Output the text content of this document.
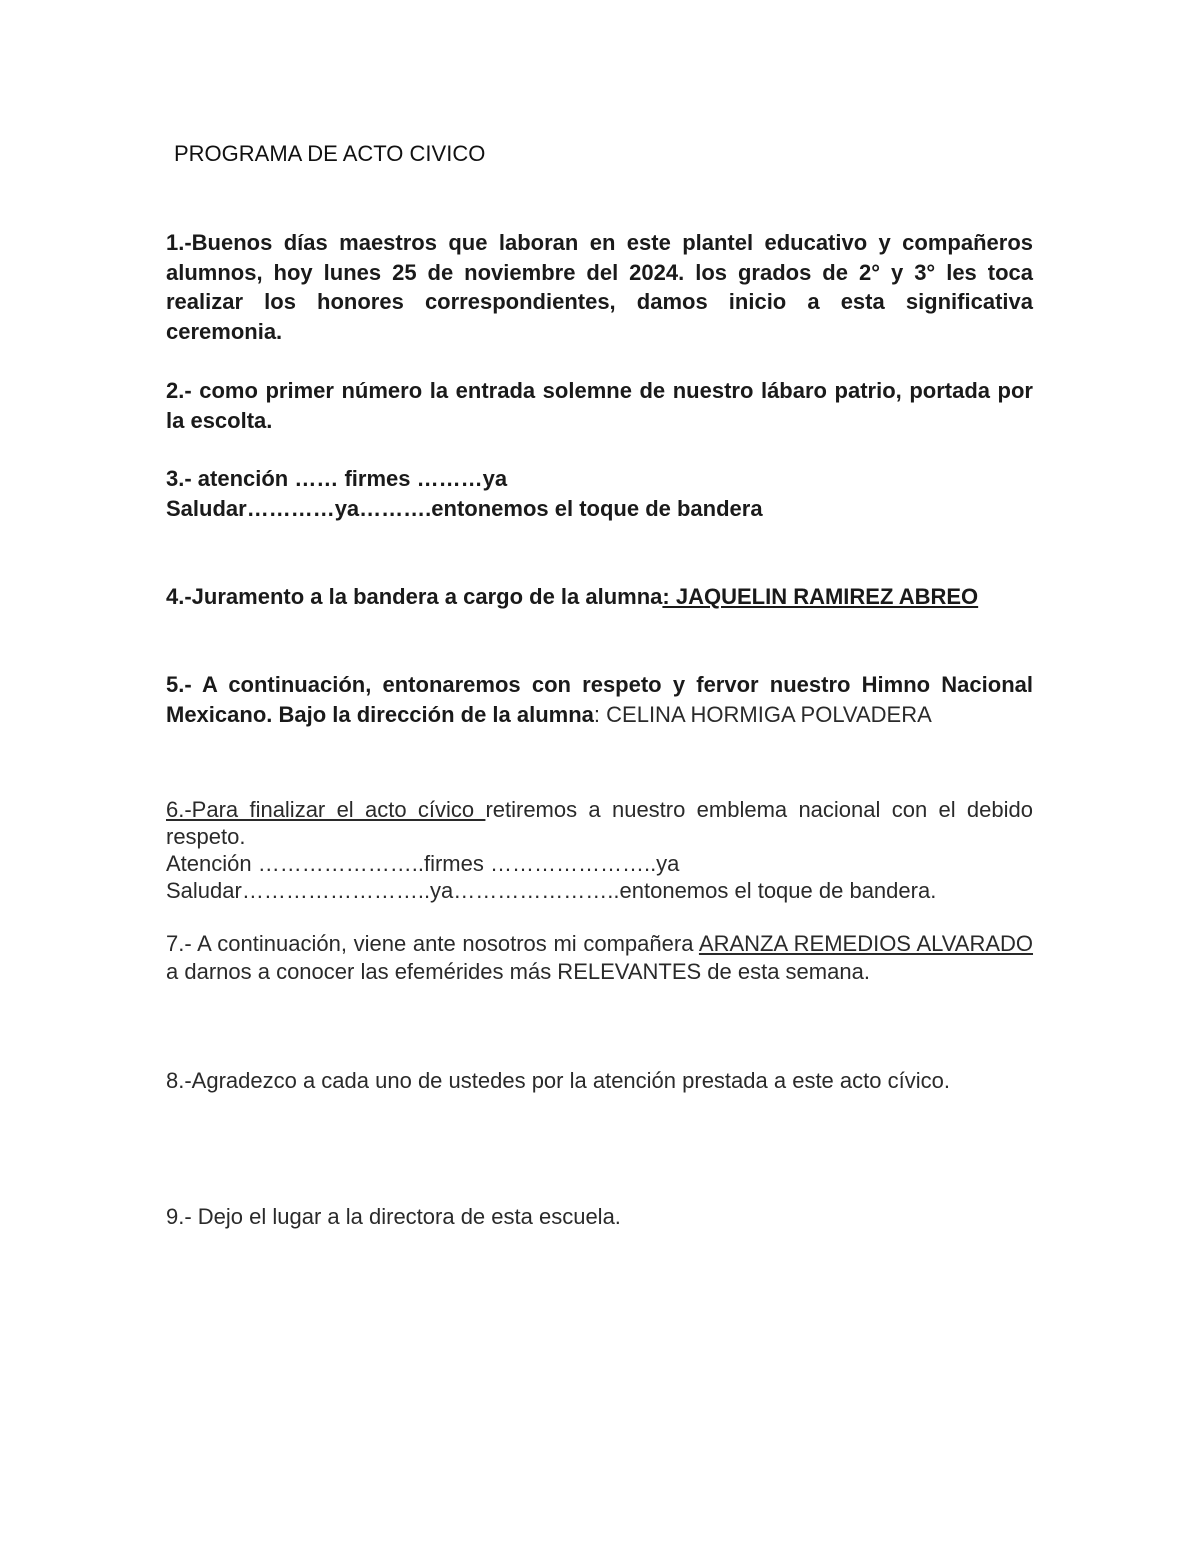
PROGRAMA DE ACTO CIVICO

1.-Buenos días maestros que laboran en este plantel educativo y compañeros alumnos, hoy lunes 25 de noviembre del 2024. los grados de 2° y 3° les toca realizar los honores correspondientes, damos inicio a esta significativa ceremonia.

2.- como primer número la entrada solemne de nuestro lábaro patrio, portada por la escolta.

3.- atención …… firmes ………ya
Saludar…………ya……….entonemos el toque de bandera

4.-Juramento a la bandera a cargo de la alumna: JAQUELIN RAMIREZ ABREO

5.- A continuación, entonaremos con respeto y fervor nuestro Himno Nacional Mexicano. Bajo la dirección de la alumna: CELINA HORMIGA POLVADERA

6.-Para finalizar el acto cívico retiremos a nuestro emblema nacional con el debido respeto.
Atención …………………..firmes …………………..ya
Saludar……………………..ya…………………..entonemos el toque de bandera.

7.- A continuación, viene ante nosotros mi compañera ARANZA REMEDIOS ALVARADO a darnos a conocer las efemérides más RELEVANTES de esta semana.

8.-Agradezco a cada uno de ustedes por la atención prestada a este acto cívico.

9.- Dejo el lugar a la directora de esta escuela.
